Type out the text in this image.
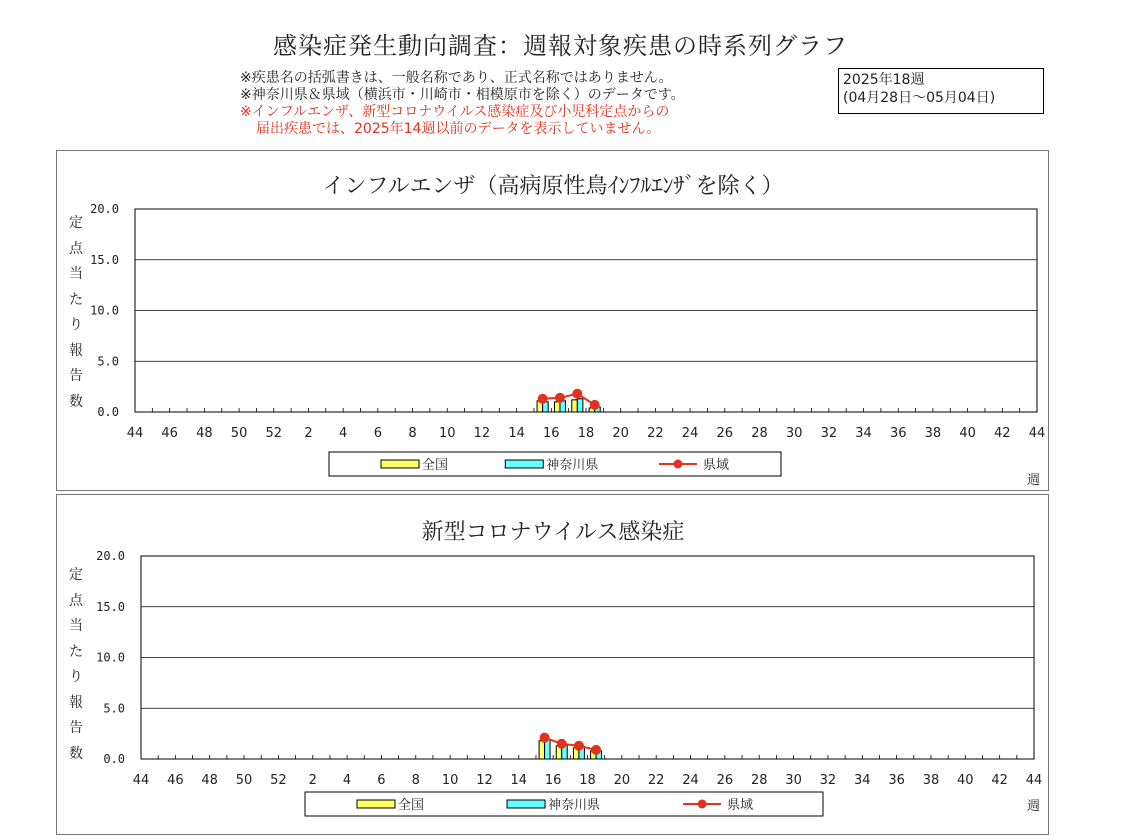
感染症発生動向調査：週報対象疾患の時系列グラフ
※疾患名の括弧書きは、一般名称であり、正式名称ではありません。
※神奈川県＆県域（横浜市・川崎市・相模原市を除く）のデータです。
※インフルエンザ、新型コロナウイルス感染症及び小児科定点からの
届出疾患では、2025年14週以前のデータを表示していません。
2025年18週
(04月28日～05月04日)
インフルエンザ（高病原性鳥ｲﾝﾌﾙｴﾝｻﾞを除く）
20.0
15.0
10.0
5.0
0.0
44 46 48 50 52 2 4 6 8 10 12 14 16 18 20 22 24 26 28 30 32 34 36 38 40 42 44
全国	神奈川県	県域
定点当たり報告数
週
新型コロナウイルス感染症
20.0
15.0
10.0
5.0
0.0
44 46 48 50 52 2 4 6 8 10 12 14 16 18 20 22 24 26 28 30 32 34 36 38 40 42 44
全国	神奈川県	県域
定点当たり報告数
週
